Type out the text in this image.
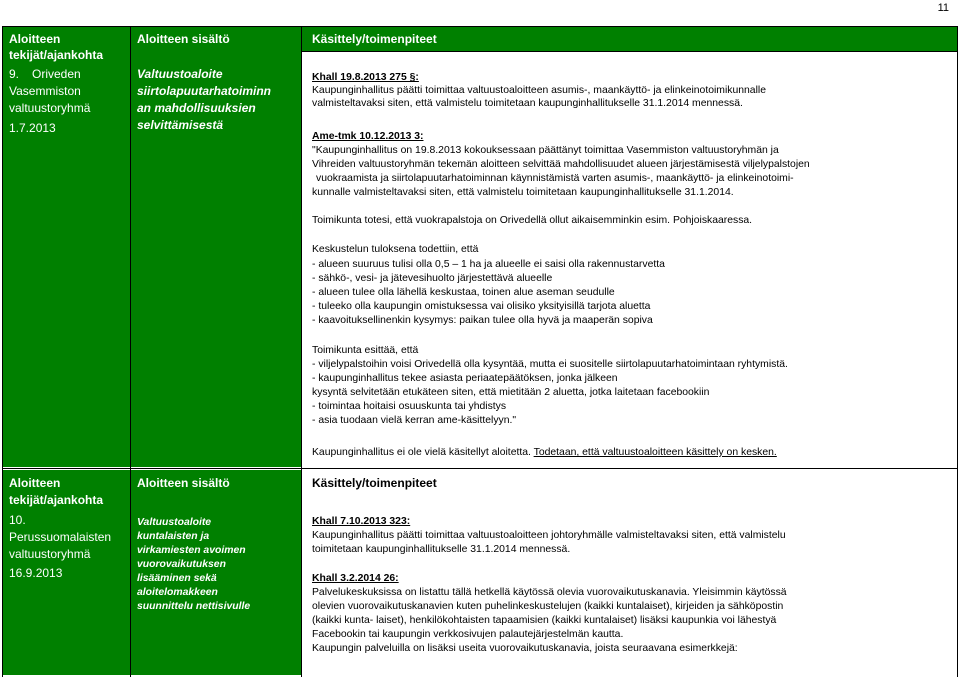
11
Aloitteen
tekijät/ajankohta
9. Oriveden
Vasemmiston
valtuustoryhmä
1.7.2013
Aloitteen sisältö
Valtuustoaloite
siirtolapuutarhatoiminn
an mahdollisuuksien
selvittämisestä
Käsittely/toimenpiteet
Khall 19.8.2013 275 §:
Kaupunginhallitus päätti toimittaa valtuustoaloitteen asumis-, maankäyttö- ja elinkeinotoimikunnalle
valmisteltavaksi siten, että valmistelu toimitetaan kaupunginhallitukselle 31.1.2014 mennessä.
Ame-tmk 10.12.2013 3:
"Kaupunginhallitus on 19.8.2013 kokouksessaan päättänyt toimittaa Vasemmiston valtuustoryhmän ja
Vihreiden valtuustoryhmän tekemän aloitteen selvittää mahdollisuudet alueen järjestämisestä viljelypalstojen
vuokraamista ja siirtolapuutarhatoiminnan käynnistämistä varten asumis-, maankäyttö- ja elinkeinotoimi-
kunnalle valmisteltavaksi siten, että valmistelu toimitetaan kaupunginhallitukselle 31.1.2014.
Toimikunta totesi, että vuokrapalstoja on Orivedellä ollut aikaisemminkin esim. Pohjoiskaaressa.
Keskustelun tuloksena todettiin, että
- alueen suuruus tulisi olla 0,5 – 1 ha ja alueelle ei saisi olla rakennustarvetta
- sähkö-, vesi- ja jätevesihuolto järjestettävä alueelle
- alueen tulee olla lähellä keskustaa, toinen alue aseman seudulle
- tuleeko olla kaupungin omistuksessa vai olisiko yksityisillä tarjota aluetta
- kaavoituksellinenkin kysymys: paikan tulee olla hyvä ja maaperän sopiva
Toimikunta esittää, että
- viljelypalstoihin voisi Orivedellä olla kysyntää, mutta ei suositelle siirtolapuutarhatoimintaan ryhtymistä.
- kaupunginhallitus tekee asiasta periaatepäätöksen, jonka jälkeen
kysyntä selvitetään etukäteen siten, että mietitään 2 aluetta, jotka laitetaan facebookiin
- toimintaa hoitaisi osuuskunta tai yhdistys
- asia tuodaan vielä kerran ame-käsittelyyn."
Kaupunginhallitus ei ole vielä käsitellyt aloitetta. Todetaan, että valtuustoaloitteen käsittely on kesken.
Aloitteen
tekijät/ajankohta
10.
Perussuomalaisten
valtuustoryhmä
16.9.2013
Aloitteen sisältö
Valtuustoaloite
kuntalaisten ja
virkamiesten avoimen
vuorovaikutuksen
lisääminen sekä
aloitelomakkeen
suunnittelu nettisivulle
Käsittely/toimenpiteet
Khall 7.10.2013 323:
Kaupunginhallitus päätti toimittaa valtuustoaloitteen johtoryhmälle valmisteltavaksi siten, että valmistelu
toimitetaan kaupunginhallitukselle 31.1.2014 mennessä.
Khall 3.2.2014 26:
Palvelukeskuksissa on listattu tällä hetkellä käytössä olevia vuorovaikutuskanavia. Yleisimmin käytössä
olevien vuorovaikutuskanavien kuten puhelinkeskustelujen (kaikki kuntalaiset), kirjeiden ja sähköpostin
(kaikki kunta- laiset), henkilökohtaisten tapaamisien (kaikki kuntalaiset) lisäksi kaupunkia voi lähestyä
Facebookin tai kaupungin verkkosivujen palautejärjestelmän kautta.
Kaupungin palveluilla on lisäksi useita vuorovaikutuskanavia, joista seuraavana esimerkkejä:
